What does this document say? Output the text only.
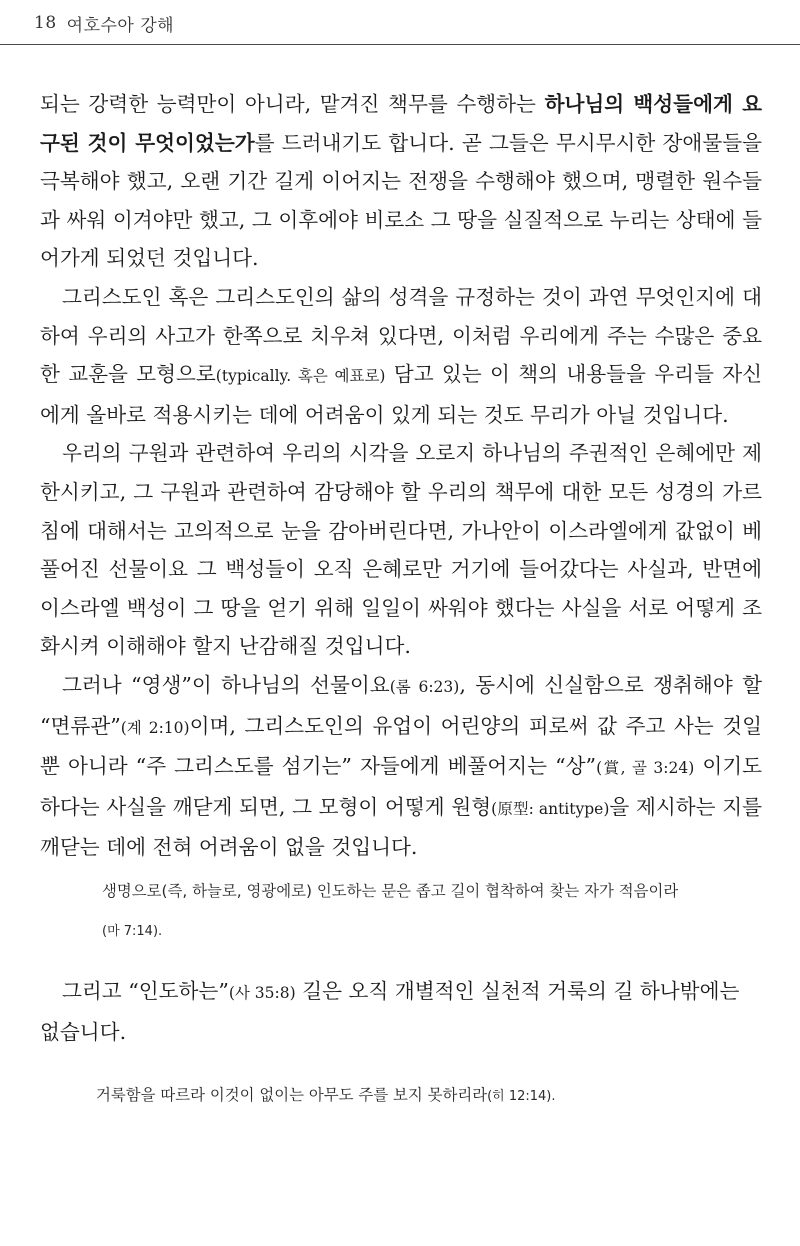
18 여호수아 강해

되는 강력한 능력만이 아니라, 맡겨진 책무를 수행하는 하나님의 백성들에게 요구된 것이 무엇이었는가를 드러내기도 합니다. 곧 그들은 무시무시한 장애물들을 극복해야 했고, 오랜 기간 길게 이어지는 전쟁을 수행해야 했으며, 맹렬한 원수들과 싸워 이겨야만 했고, 그 이후에야 비로소 그 땅을 실질적으로 누리는 상태에 들어가게 되었던 것입니다.

그리스도인 혹은 그리스도인의 삶의 성격을 규정하는 것이 과연 무엇인지에 대하여 우리의 사고가 한쪽으로 치우쳐 있다면, 이처럼 우리에게 주는 수많은 중요한 교훈을 모형으로(typically. 혹은 예표로) 담고 있는 이 책의 내용들을 우리들 자신에게 올바로 적용시키는 데에 어려움이 있게 되는 것도 무리가 아닐 것입니다.

우리의 구원과 관련하여 우리의 시각을 오로지 하나님의 주권적인 은혜에만 제한시키고, 그 구원과 관련하여 감당해야 할 우리의 책무에 대한 모든 성경의 가르침에 대해서는 고의적으로 눈을 감아버린다면, 가나안이 이스라엘에게 값없이 베풀어진 선물이요 그 백성들이 오직 은혜로만 거기에 들어갔다는 사실과, 반면에 이스라엘 백성이 그 땅을 얻기 위해 일일이 싸워야 했다는 사실을 서로 어떻게 조화시켜 이해해야 할지 난감해질 것입니다.

그러나 “영생”이 하나님의 선물이요(롬 6:23), 동시에 신실함으로 쟁취해야 할 “면류관”(계 2:10)이며, 그리스도인의 유업이 어린양의 피로써 값 주고 사는 것일 뿐 아니라 “주 그리스도를 섬기는” 자들에게 베풀어지는 “상”(賞, 골 3:24) 이기도 하다는 사실을 깨닫게 되면, 그 모형이 어떻게 원형(原型: antitype)을 제시하는 지를 깨닫는 데에 전혀 어려움이 없을 것입니다.

생명으로(즉, 하늘로, 영광에로) 인도하는 문은 좁고 길이 협착하여 찾는 자가 적음이라
(마 7:14).

그리고 “인도하는”(사 35:8) 길은 오직 개별적인 실천적 거룩의 길 하나밖에는 없습니다.

거룩함을 따르라 이것이 없이는 아무도 주를 보지 못하리라(히 12:14).
